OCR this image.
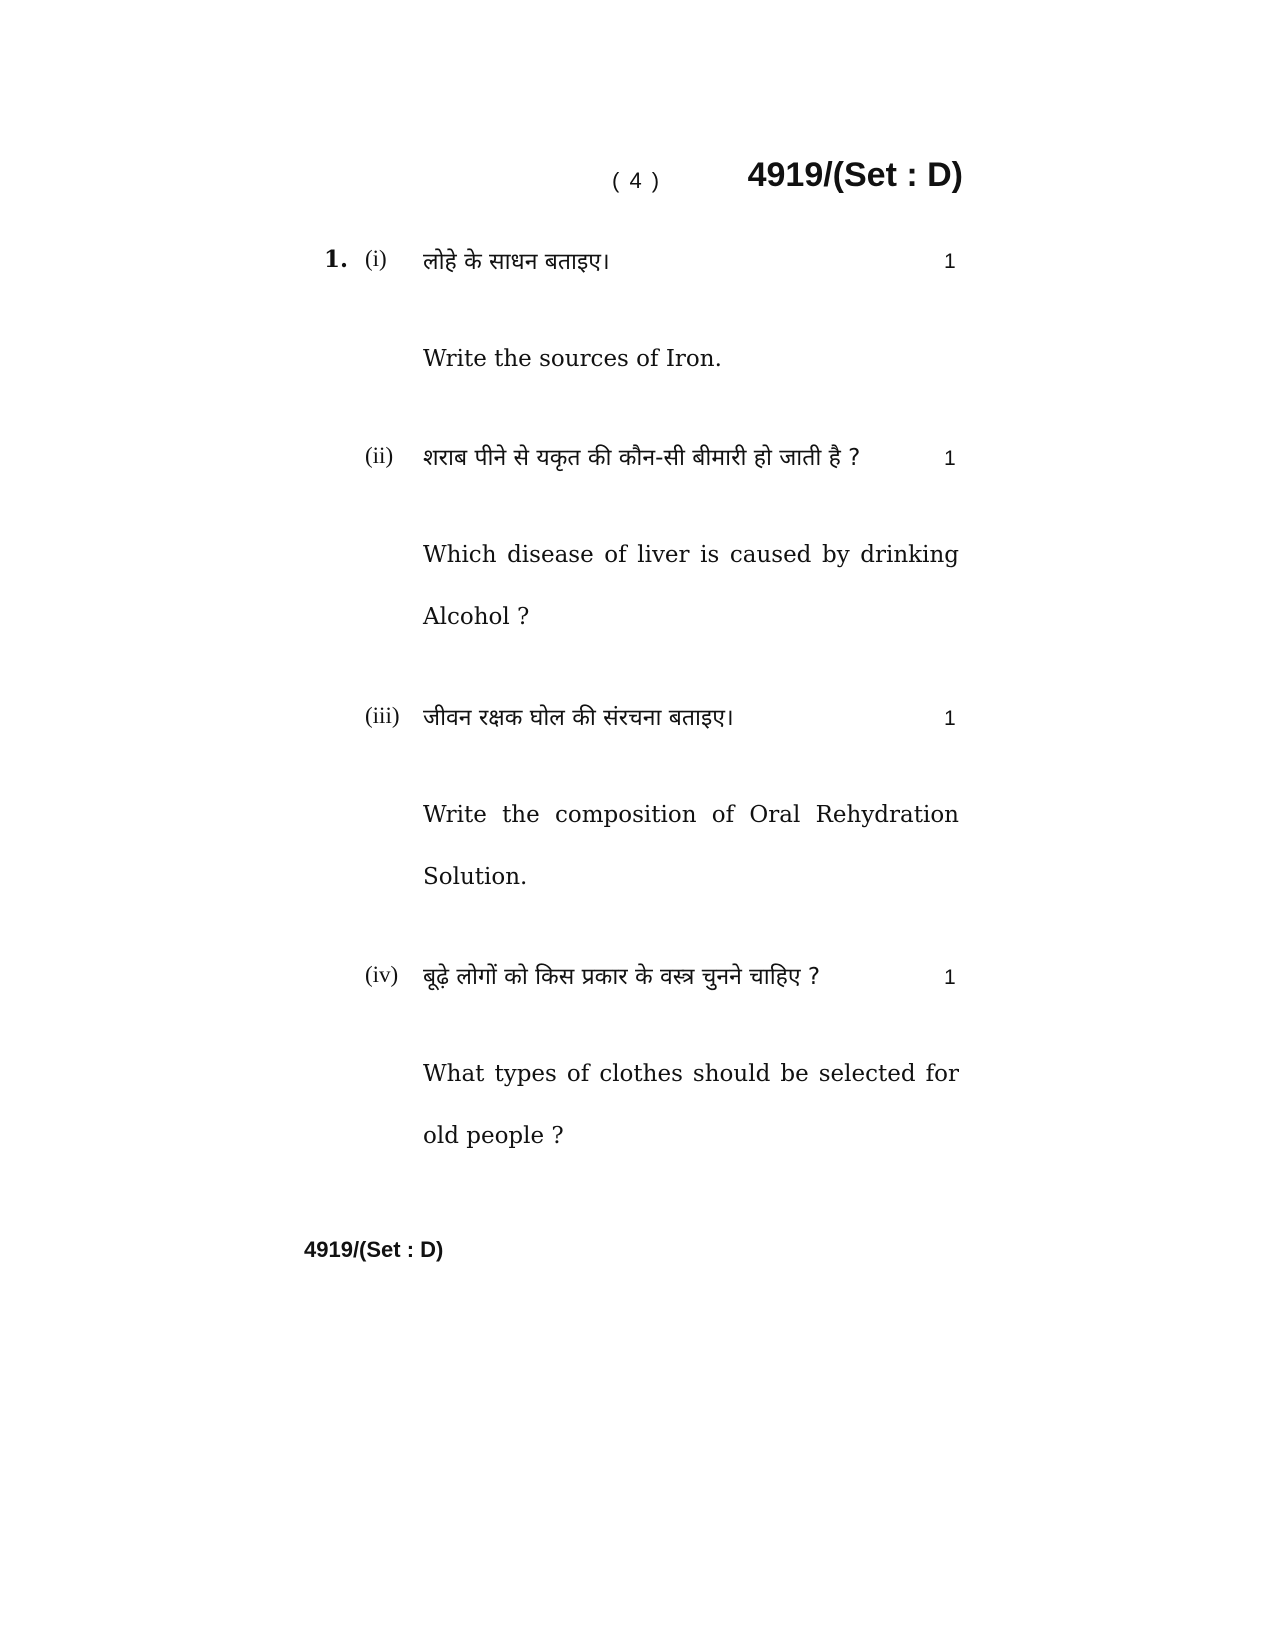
( 4 )	4919/(Set : D)
1. (i) लोहे के साधन बताइए।	1
Write the sources of Iron.
(ii) शराब पीने से यकृत की कौन-सी बीमारी हो जाती है ?	1
Which disease of liver is caused by drinking Alcohol ?
(iii) जीवन रक्षक घोल की संरचना बताइए।	1
Write the composition of Oral Rehydration Solution.
(iv) बूढ़े लोगों को किस प्रकार के वस्त्र चुनने चाहिए ?	1
What types of clothes should be selected for old people ?
4919/(Set : D)
